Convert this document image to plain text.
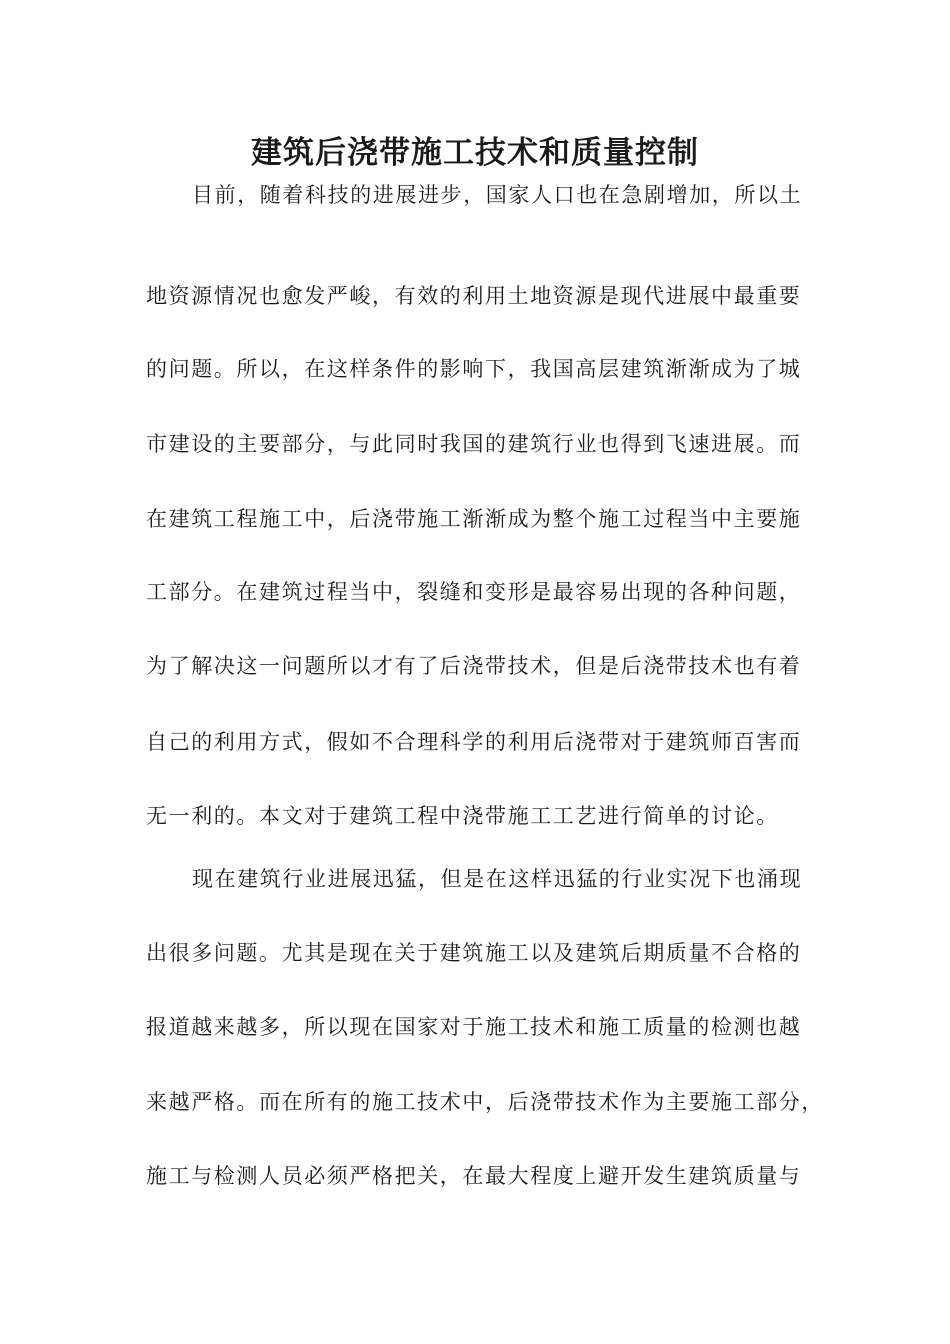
建筑后浇带施工技术和质量控制

目前，随着科技的进展进步，国家人口也在急剧增加，所以土

地资源情况也愈发严峻，有效的利用土地资源是现代进展中最重要

的问题。所以，在这样条件的影响下，我国高层建筑渐渐成为了城

市建设的主要部分，与此同时我国的建筑行业也得到飞速进展。而

在建筑工程施工中，后浇带施工渐渐成为整个施工过程当中主要施

工部分。在建筑过程当中，裂缝和变形是最容易出现的各种问题，

为了解决这一问题所以才有了后浇带技术，但是后浇带技术也有着

自己的利用方式，假如不合理科学的利用后浇带对于建筑师百害而

无一利的。本文对于建筑工程中浇带施工工艺进行简单的讨论。

现在建筑行业进展迅猛，但是在这样迅猛的行业实况下也涌现

出很多问题。尤其是现在关于建筑施工以及建筑后期质量不合格的

报道越来越多，所以现在国家对于施工技术和施工质量的检测也越

来越严格。而在所有的施工技术中，后浇带技术作为主要施工部分，

施工与检测人员必须严格把关，在最大程度上避开发生建筑质量与
